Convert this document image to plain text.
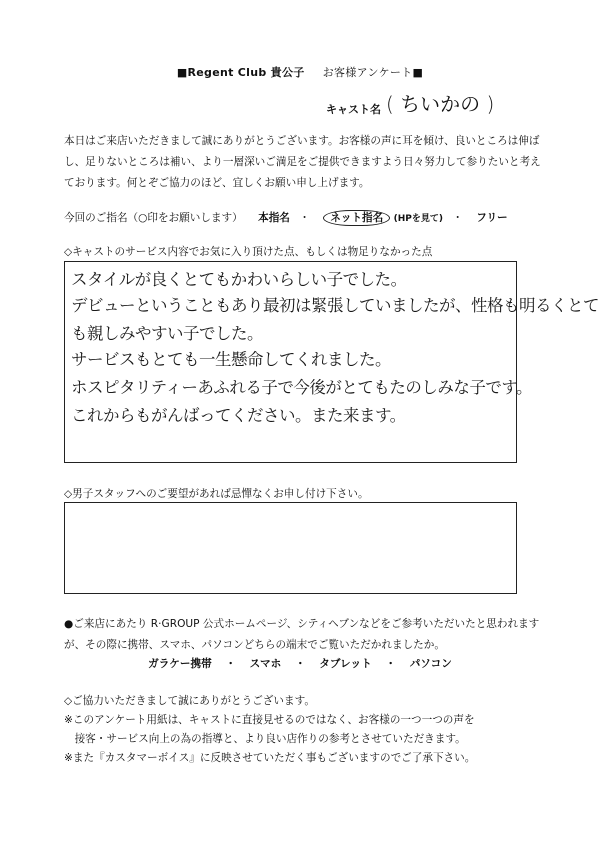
■Regent Club 貴公子 お客様アンケート■
キャスト名 ( ちいかの )
本日はご来店いただきまして誠にありがとうございます。お客様の声に耳を傾け、良いところは伸ばし、足りないところは補い、より一層深いご満足をご提供できますよう日々努力して参りたいと考えております。何とぞご協力のほど、宜しくお願い申し上げます。
今回のご指名（○印をお願いします） 本指名 ・ ネット指名 (HPを見て) ・ フリー
◇キャストのサービス内容でお気に入り頂けた点、もしくは物足りなかった点
スタイルが良くとてもかわいらしい子でした。
デビューということもあり最初は緊張していましたが、性格も明るくとて
も親しみやすい子でした。
サービスもとても一生懸命してくれました。
ホスピタリティーあふれる子で今後がとてもたのしみな子です。
これからもがんばってください。また来ます。
◇男子スタッフへのご要望があれば忌憚なくお申し付け下さい。
●ご来店にあたり R·GROUP 公式ホームページ、シティヘブンなどをご参考いただいたと思われますが、その際に携帯、スマホ、パソコンどちらの端末でご覧いただかれましたか。
ガラケー携帯 ・ スマホ ・ タブレット ・ パソコン
◇ご協力いただきまして誠にありがとうございます。
※このアンケート用紙は、キャストに直接見せるのではなく、お客様の一つ一つの声を
　接客・サービス向上の為の指導と、より良い店作りの参考とさせていただきます。
※また『カスタマーボイス』に反映させていただく事もございますのでご了承下さい。
